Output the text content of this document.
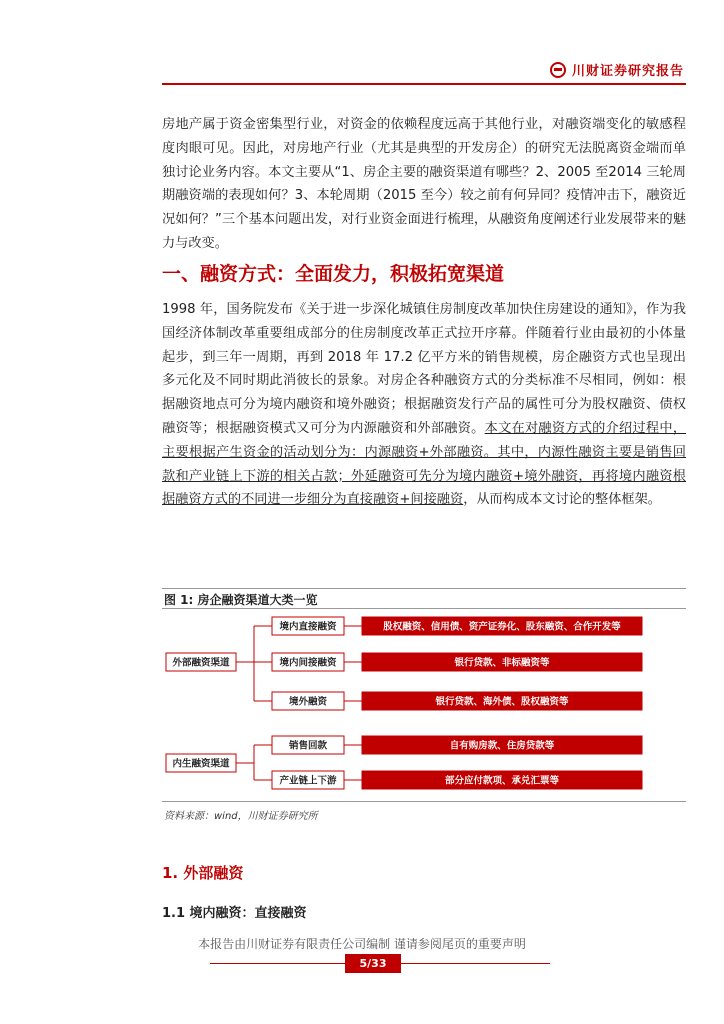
川财证券研究报告
房地产属于资金密集型行业，对资金的依赖程度远高于其他行业，对融资端变化的敏感程度肉眼可见。因此，对房地产行业（尤其是典型的开发房企）的研究无法脱离资金端而单独讨论业务内容。本文主要从“1、房企主要的融资渠道有哪些？2、2005 至2014 三轮周期融资端的表现如何？3、本轮周期（2015 至今）较之前有何异同？疫情冲击下，融资近况如何？”三个基本问题出发，对行业资金面进行梳理，从融资角度阐述行业发展带来的魅力与改变。
一、融资方式：全面发力，积极拓宽渠道
1998 年，国务院发布《关于进一步深化城镇住房制度改革加快住房建设的通知》，作为我国经济体制改革重要组成部分的住房制度改革正式拉开序幕。伴随着行业由最初的小体量起步，到三年一周期，再到 2018 年 17.2 亿平方米的销售规模，房企融资方式也呈现出多元化及不同时期此消彼长的景象。对房企各种融资方式的分类标准不尽相同，例如：根据融资地点可分为境内融资和境外融资；根据融资发行产品的属性可分为股权融资、债权融资等；根据融资模式又可分为内源融资和外部融资。本文在对融资方式的介绍过程中，主要根据产生资金的活动划分为：内源融资+外部融资。其中，内源性融资主要是销售回款和产业链上下游的相关占款；外延融资可先分为境内融资+境外融资，再将境内融资根据融资方式的不同进一步细分为直接融资+间接融资，从而构成本文讨论的整体框架。
图 1: 房企融资渠道大类一览
外部融资渠道
内生融资渠道
境内直接融资	股权融资、信用债、资产证券化、股东融资、合作开发等
境内间接融资	银行贷款、非标融资等
境外融资	银行贷款、海外债、股权融资等
销售回款	自有购房款、住房贷款等
产业链上下游	部分应付款项、承兑汇票等
资料来源：wind，川财证券研究所
1. 外部融资
1.1 境内融资：直接融资
本报告由川财证券有限责任公司编制 谨请参阅尾页的重要声明
5/33
